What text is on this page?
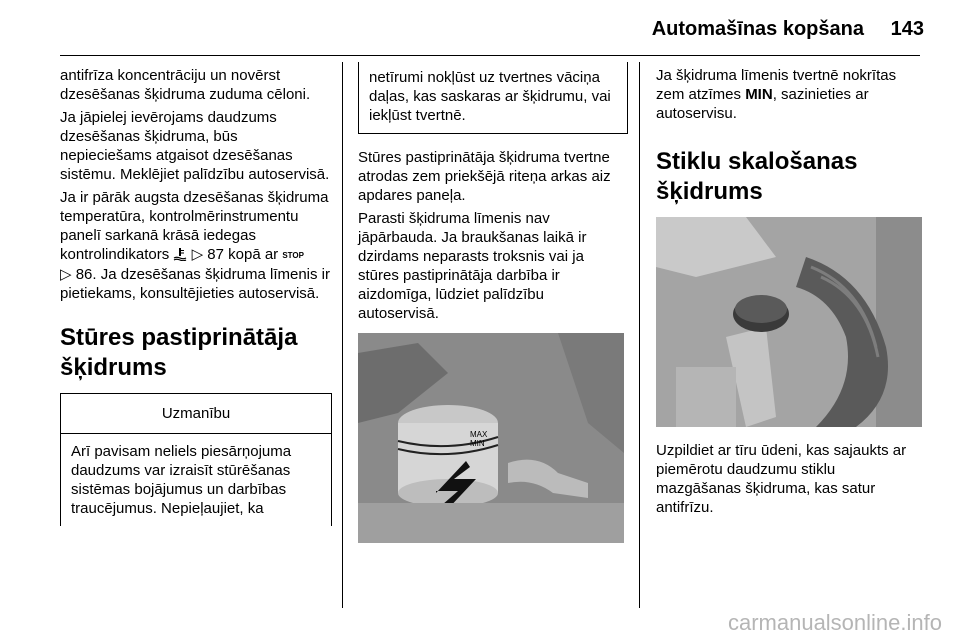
Automašīnas kopšana 143

antifrīza koncentrāciju un novērst dzesēšanas šķidruma zuduma cēloni.

Ja jāpielej ievērojams daudzums dzesēšanas šķidruma, būs nepieciešams atgaisot dzesēšanas sistēmu. Meklējiet palīdzību autoservisā.

Ja ir pārāk augsta dzesēšanas šķidruma temperatūra, kontrolmērinstrumentu panelī sarkanā krāsā iedegas kontrolindikators ▷ 87 kopā ar STOP
▷ 86. Ja dzesēšanas šķidruma līmenis ir pietiekams, konsultējieties autoservisā.

Stūres pastiprinātāja šķidrums
Uzmanību
Arī pavisam neliels piesārņojuma daudzums var izraisīt stūrēšanas sistēmas bojājumus un darbības traucējumus. Nepieļaujiet, ka
netīrumi nokļūst uz tvertnes vāciņa daļas, kas saskaras ar šķidrumu, vai iekļūst tvertnē.

Stūres pastiprinātāja šķidruma tvertne atrodas zem priekšējā riteņa arkas aiz apdares paneļa.

Parasti šķidruma līmenis nav jāpārbauda. Ja braukšanas laikā ir dzirdams neparasts troksnis vai ja stūres pastiprinātāja darbība ir aizdomīga, lūdziet palīdzību autoservisā.

MAX
MIN

Ja šķidruma līmenis tvertnē nokrītas zem atzīmes MIN, sazinieties ar autoservisu.

Stiklu skalošanas šķidrums

Uzpildiet ar tīru ūdeni, kas sajaukts ar piemērotu daudzumu stiklu mazgāšanas šķidruma, kas satur antifrīzu.

carmanualsonline.info
